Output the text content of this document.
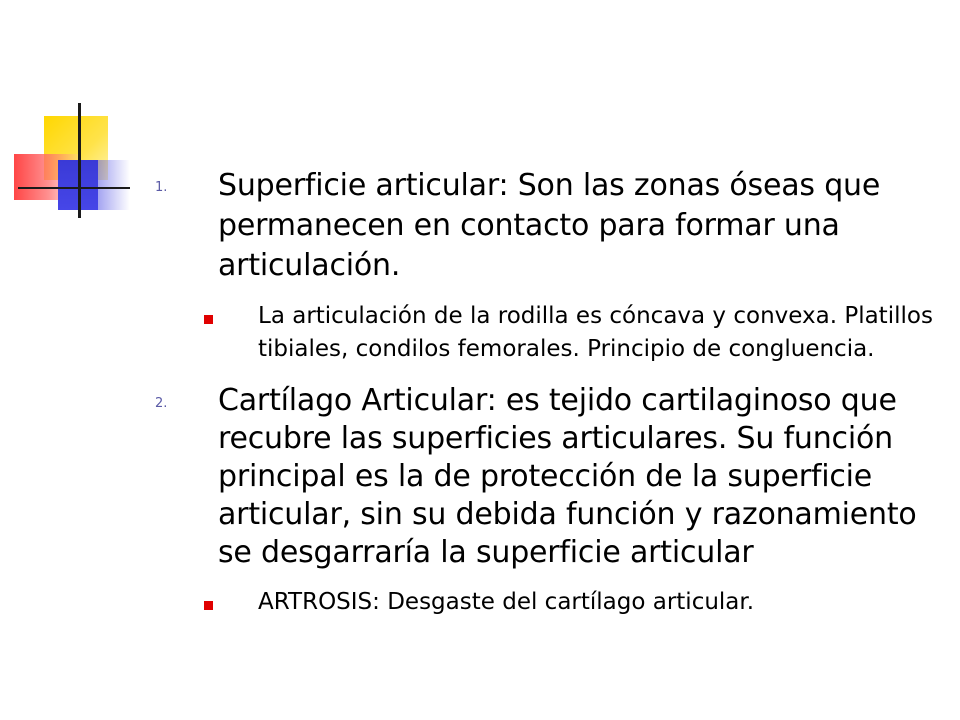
1. Superficie articular: Son las zonas óseas que permanecen en contacto para formar una articulación.
La articulación de la rodilla es cóncava y convexa. Platillos tibiales, condilos femorales. Principio de congluencia.
2. Cartílago Articular: es tejido cartilaginoso que recubre las superficies articulares. Su función principal es la de protección de la superficie articular, sin su debida función y razonamiento se desgarraría la superficie articular
ARTROSIS: Desgaste del cartílago articular.
